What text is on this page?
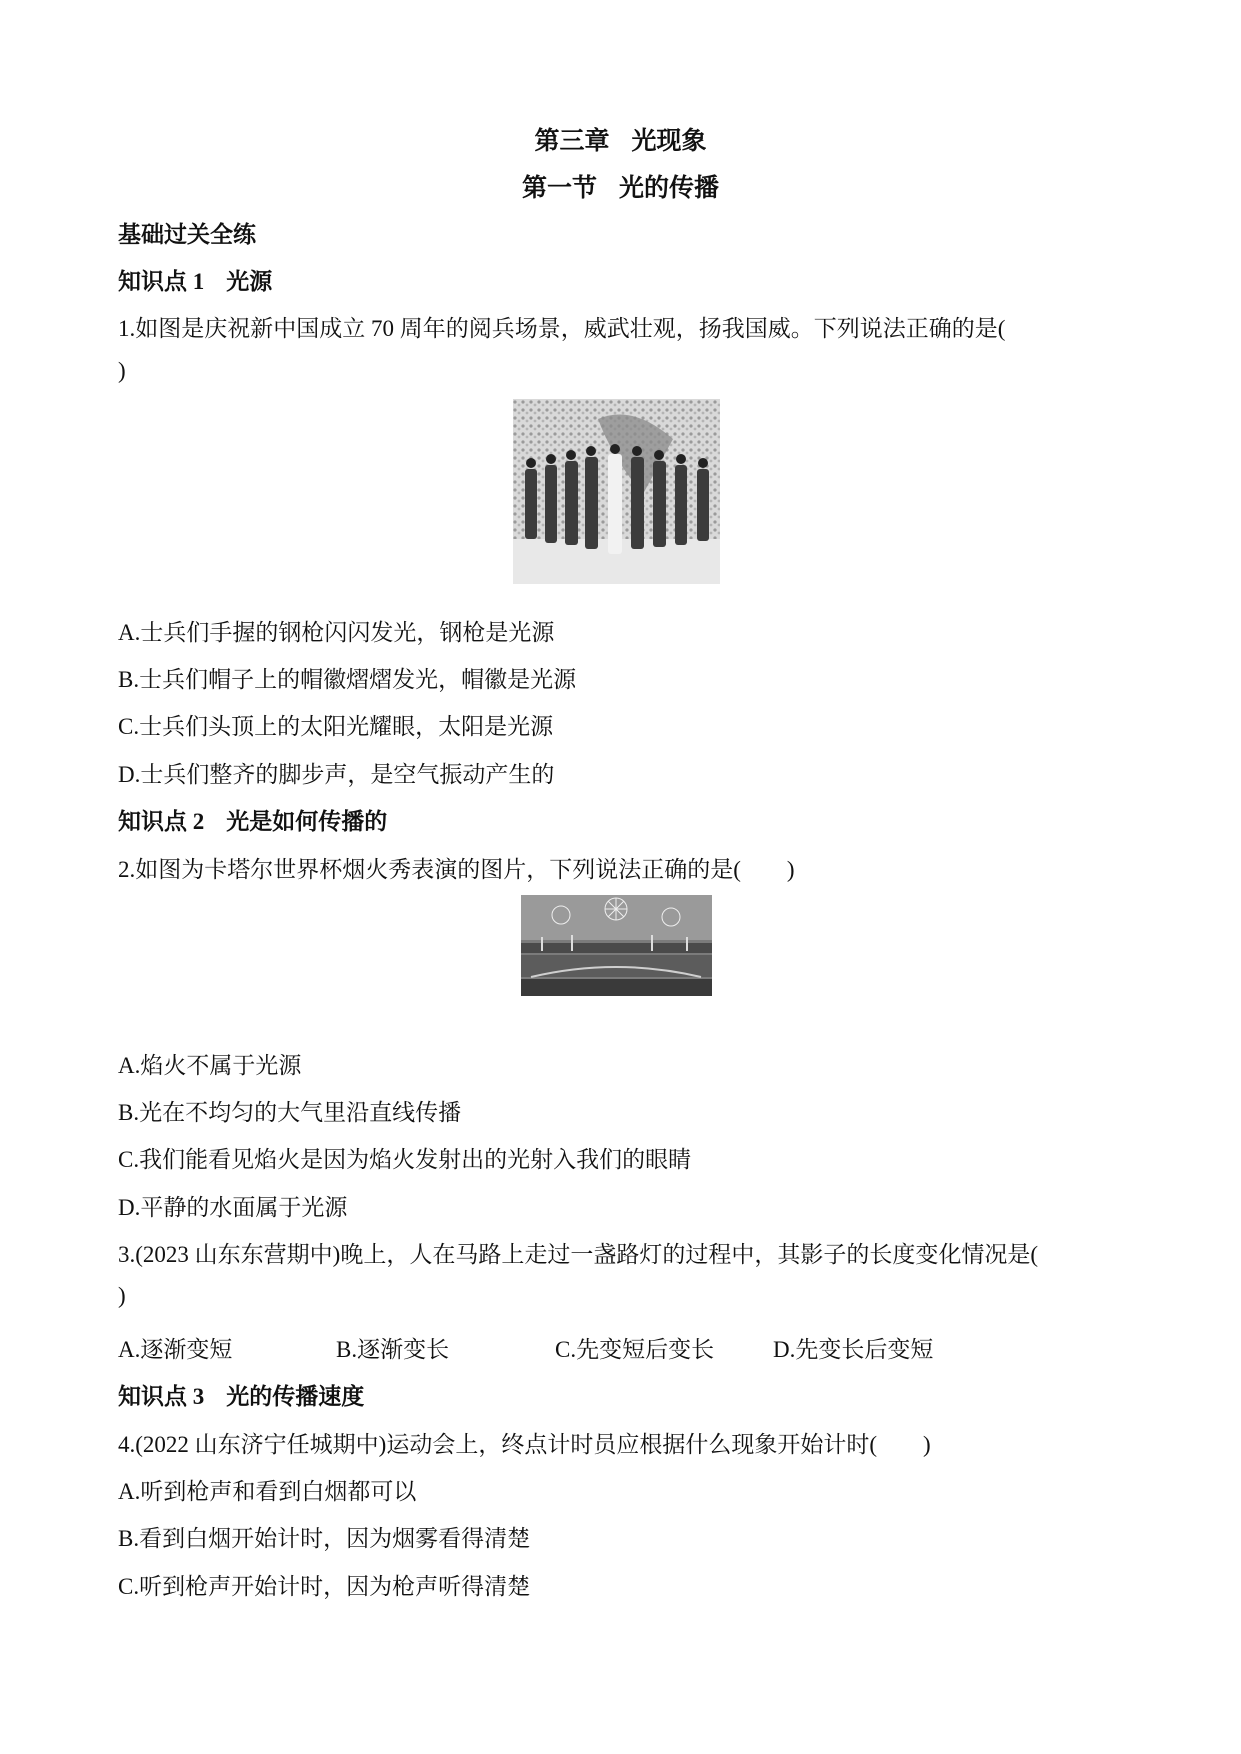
第三章 光现象
第一节 光的传播
基础过关全练
知识点 1 光源
1.如图是庆祝新中国成立 70 周年的阅兵场景，威武壮观，扬我国威。下列说法正确的是(
)
A.士兵们手握的钢枪闪闪发光，钢枪是光源
B.士兵们帽子上的帽徽熠熠发光，帽徽是光源
C.士兵们头顶上的太阳光耀眼，太阳是光源
D.士兵们整齐的脚步声，是空气振动产生的
知识点 2 光是如何传播的
2.如图为卡塔尔世界杯烟火秀表演的图片，下列说法正确的是(　　)
A.焰火不属于光源
B.光在不均匀的大气里沿直线传播
C.我们能看见焰火是因为焰火发射出的光射入我们的眼睛
D.平静的水面属于光源
3.(2023 山东东营期中)晚上，人在马路上走过一盏路灯的过程中，其影子的长度变化情况是(
)
A.逐渐变短	B.逐渐变长	C.先变短后变长	D.先变长后变短
知识点 3 光的传播速度
4.(2022 山东济宁任城期中)运动会上，终点计时员应根据什么现象开始计时(　　)
A.听到枪声和看到白烟都可以
B.看到白烟开始计时，因为烟雾看得清楚
C.听到枪声开始计时，因为枪声听得清楚
